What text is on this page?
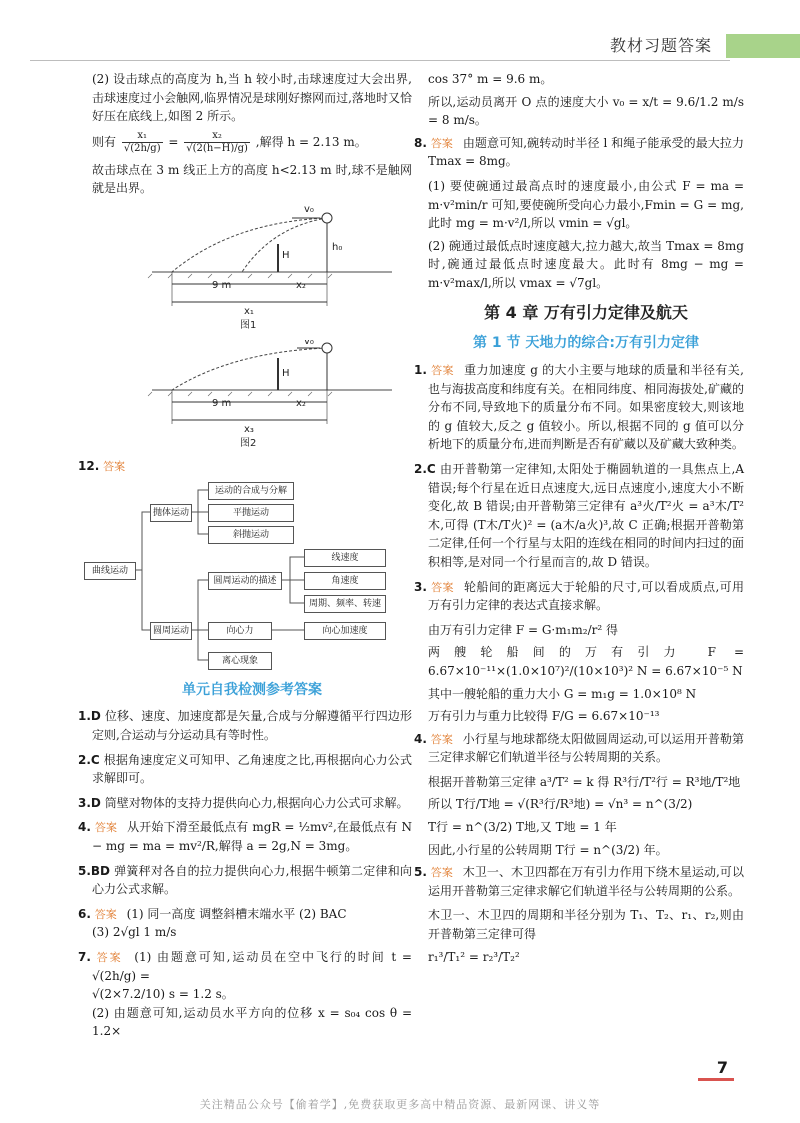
教材习题答案

(2) 设击球点的高度为 h,当 h 较小时,击球速度过大会出界,击球速度过小会触网,临界情况是球刚好擦网而过,落地时又恰好压在底线上,如图 2 所示。

则有 $\frac{\text{x₁}}{√(2h/g)} = \frac{\text{x₂}}{√(2(h-H)/g)}$ ,解得 h = 2.13 m。

故击球点在 3 m 线正上方的高度 h<2.13 m 时,球不是触网就是出界。

v₀
H
h₀
9 m	x₂
x₁
图1
v₀
H
9 m	x₂
x₃
图2
12. 答案
曲线运动
抛体运动
运动的合成与分解
平抛运动
斜抛运动
圆周运动
圆周运动的描述
线速度
角速度
周期、频率、转速
向心力	向心加速度
离心现象
单元自我检测参考答案
1.D 位移、速度、加速度都是矢量,合成与分解遵循平行四边形定则,合运动与分运动具有等时性。
2.C 根据角速度定义可知甲、乙角速度之比,再根据向心力公式求解即可。
3.D 筒壁对物体的支持力提供向心力,根据向心力公式可求解。
4. 答案 从开始下滑至最低点有 mgR = ½mv²,在最低点有 N − mg = ma = mv²/R,解得 a = 2g,N = 3mg。
5.BD 弹簧秤对各自的拉力提供向心力,根据牛顿第二定律和向心力公式求解。
6. 答案 (1) 同一高度 调整斜槽末端水平 (2) BAC
(3) 2√gl 1 m/s
7. 答案 (1) 由题意可知,运动员在空中飞行的时间 t = √(2h/g) =
√(2×7.2/10) s = 1.2 s。
(2) 由题意可知,运动员水平方向的位移 x = s₀₄ cos θ = 1.2×

cos 37° m = 9.6 m。

所以,运动员离开 O 点的速度大小 v₀ = x/t = 9.6/1.2 m/s = 8 m/s。

8. 答案 由题意可知,碗转动时半径 l 和绳子能承受的最大拉力 Tmax = 8mg。

(1) 要使碗通过最高点时的速度最小,由公式 F = ma = m·v²min/r 可知,要使碗所受向心力最小,Fmin = G = mg,此时 mg = m·v²/l,所以 vmin = √gl。

(2) 碗通过最低点时速度越大,拉力越大,故当 Tmax = 8mg 时,碗通过最低点时速度最大。此时有 8mg − mg = m·v²max/l,所以 vmax = √7gl。

第 4 章 万有引力定律及航天
第 1 节 天地力的综合:万有引力定律
1. 答案 重力加速度 g 的大小主要与地球的质量和半径有关,也与海拔高度和纬度有关。在相同纬度、相同海拔处,矿藏的分布不同,导致地下的质量分布不同。如果密度较大,则该地的 g 值较大,反之 g 值较小。所以,根据不同的 g 值可以分析地下的质量分布,进而判断是否有矿藏以及矿藏大致种类。
2.C 由开普勒第一定律知,太阳处于椭圆轨道的一具焦点上,A 错误;每个行星在近日点速度大,远日点速度小,速度大小不断变化,故 B 错误;由开普勒第三定律有 a³火/T²火 = a³木/T²木,可得 (T木/T火)² = (a木/a火)³,故 C 正确;根据开普勒第二定律,任何一个行星与太阳的连线在相同的时间内扫过的面积相等,是对同一个行星而言的,故 D 错误。
3. 答案 轮船间的距离远大于轮船的尺寸,可以看成质点,可用万有引力定律的表达式直接求解。

由万有引力定律 F = G·m₁m₂/r² 得

两艘轮船间的万有引力 F = 6.67×10⁻¹¹×(1.0×10⁷)²/(10×10³)² N = 6.67×10⁻⁵ N

其中一艘轮船的重力大小 G = m₁g = 1.0×10⁸ N

万有引力与重力比较得 F/G = 6.67×10⁻¹³

4. 答案 小行星与地球都绕太阳做圆周运动,可以运用开普勒第三定律求解它们轨道半径与公转周期的关系。

根据开普勒第三定律 a³/T² = k 得 R³行/T²行 = R³地/T²地

所以 T行/T地 = √(R³行/R³地) = √n³ = n^(3/2)

T行 = n^(3/2) T地,又 T地 = 1 年

因此,小行星的公转周期 T行 = n^(3/2) 年。

5. 答案 木卫一、木卫四都在万有引力作用下绕木星运动,可以运用开普勒第三定律求解它们轨道半径与公转周期的公系。

木卫一、木卫四的周期和半径分别为 T₁、T₂、r₁、r₂,则由开普勒第三定律可得

r₁³/T₁² = r₂³/T₂²

7
关注精品公众号【偷着学】,免费获取更多高中精品资源、最新网课、讲义等
